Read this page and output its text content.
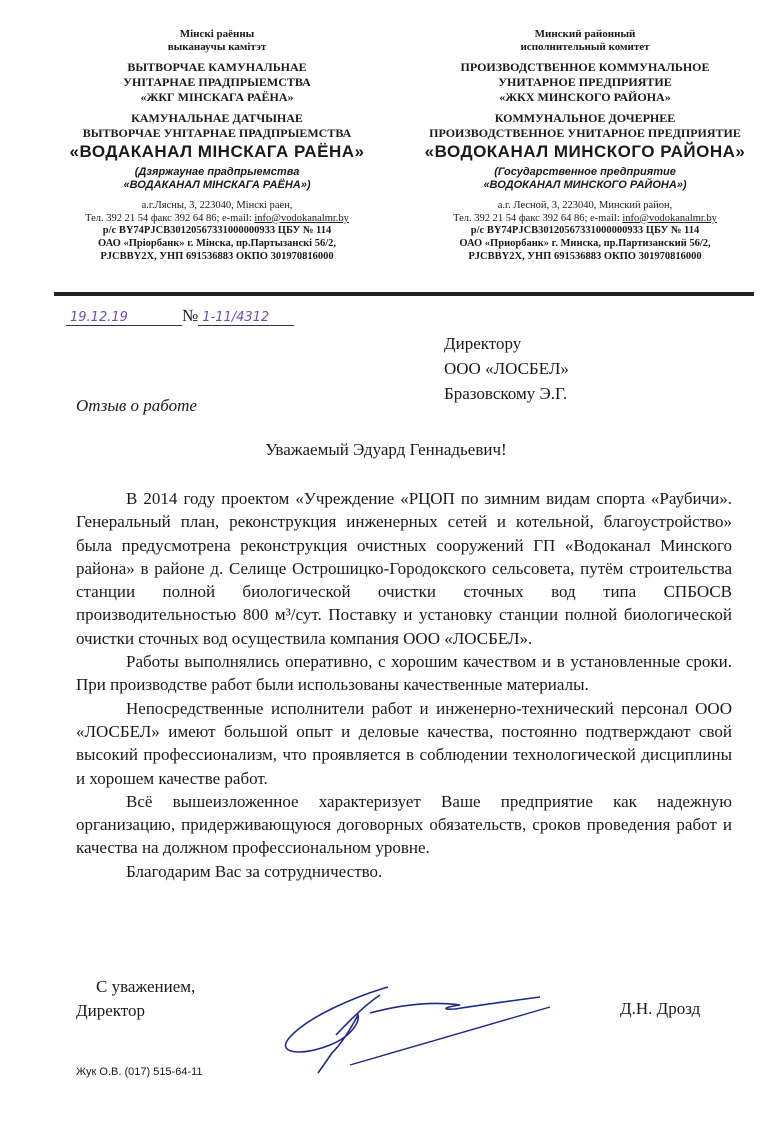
Мінскі раённы
выканаучы камітэт
ВЫТВОРЧАЕ КАМУНАЛЬНАЕ
УНІТАРНАЕ ПРАДПРЫЕМСТВА
«ЖКГ МІНСКАГА РАЁНА»
КАМУНАЛЬНАЕ ДАТЧЫНАЕ
ВЫТВОРЧАЕ УНІТАРНАЕ ПРАДПРЫЕМСТВА
«ВОДАКАНАЛ МІНСКАГА РАЁНА»
(Дзяржаунае прадпрыемства
«ВОДАКАНАЛ МІНСКАГА РАЁНА»)
а.г.Лясны, 3, 223040, Мінскі раен,
Тел. 392 21 54 факс 392 64 86; e-mail: info@vodokanalmr.by
р/с BY74PJCB30120567331000000933 ЦБУ № 114
ОАО «Пріорбанк» г. Мінска, пр.Партызанскі 56/2,
PJCBBY2X, УНП 691536883 ОКПО 301970816000
Минский районный
исполнительный комитет
ПРОИЗВОДСТВЕННОЕ КОММУНАЛЬНОЕ
УНИТАРНОЕ ПРЕДПРИЯТИЕ
«ЖКХ МИНСКОГО РАЙОНА»
КОММУНАЛЬНОЕ ДОЧЕРНЕЕ
ПРОИЗВОДСТВЕННОЕ УНИТАРНОЕ ПРЕДПРИЯТИЕ
«ВОДОКАНАЛ МИНСКОГО РАЙОНА»
(Государственное предприятие
«ВОДОКАНАЛ МИНСКОГО РАЙОНА»)
а.г. Лесной, 3, 223040, Минский район,
Тел. 392 21 54 факс 392 64 86; e-mail: info@vodokanalmr.by
р/с BY74PJCB30120567331000000933 ЦБУ № 114
ОАО «Приорбанк» г. Минска, пр.Партизанский 56/2,
PJCBBY2X, УНП 691536883 ОКПО 301970816000
19.12.19	№ 1-11/4312
Директору
ООО «ЛОСБЕЛ»
Бразовскому Э.Г.
Отзыв о работе
Уважаемый Эдуард Геннадьевич!

В 2014 году проектом «Учреждение «РЦОП по зимним видам спорта «Раубичи». Генеральный план, реконструкция инженерных сетей и котельной, благоустройство» была предусмотрена реконструкция очистных сооружений ГП «Водоканал Минского района» в районе д. Селище Острошицко-Городокского сельсовета, путём строительства станции полной биологической очистки сточных вод типа СПБОСВ производительностью 800 м³/сут. Поставку и установку станции полной биологической очистки сточных вод осуществила компания ООО «ЛОСБЕЛ».

Работы выполнялись оперативно, с хорошим качеством и в установленные сроки. При производстве работ были использованы качественные материалы.

Непосредственные исполнители работ и инженерно-технический персонал ООО «ЛОСБЕЛ» имеют большой опыт и деловые качества, постоянно подтверждают свой высокий профессионализм, что проявляется в соблюдении технологической дисциплины и хорошем качестве работ.

Всё вышеизложенное характеризует Ваше предприятие как надежную организацию, придерживающуюся договорных обязательств, сроков проведения работ и качества на должном профессиональном уровне.

Благодарим Вас за сотрудничество.

С уважением,
Директор	Д.Н. Дрозд
Жук О.В. (017) 515-64-11
